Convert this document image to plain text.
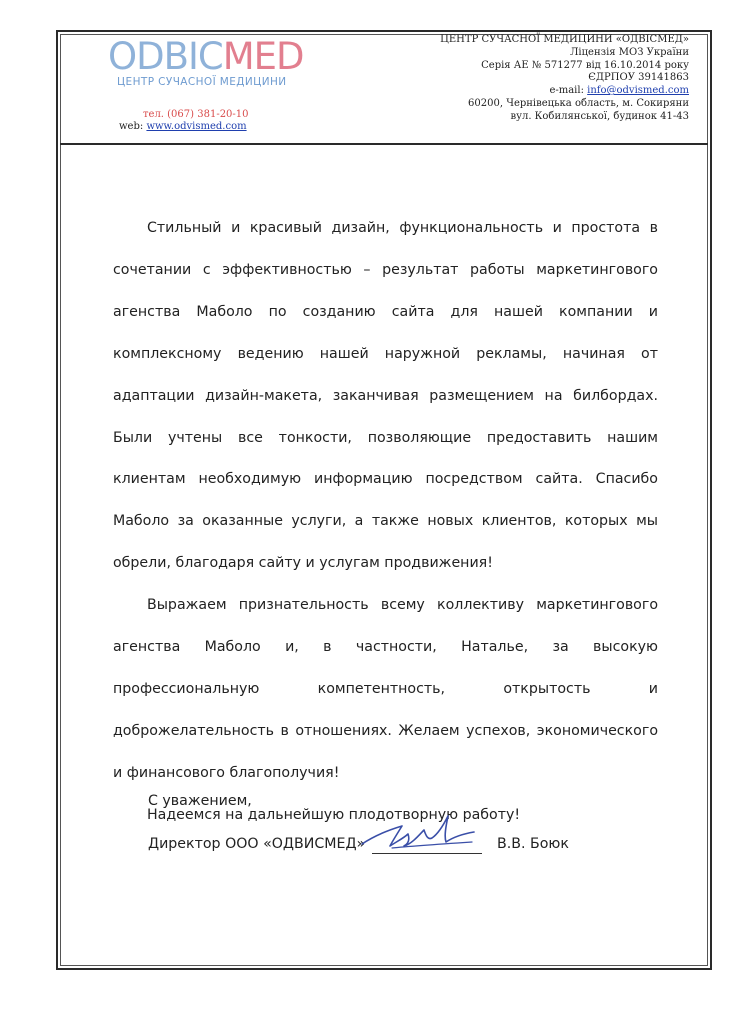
ODBICMED
ЦЕНТР СУЧАСНОЇ МЕДИЦИНИ
тел. (067) 381-20-10
web: www.odvismed.com
ЦЕНТР СУЧАСНОЇ МЕДИЦИНИ «ОДВІСМЕД»
Ліцензія МОЗ України
Серія АЕ № 571277 від 16.10.2014 року
ЄДРПОУ 39141863
e-mail: info@odvismed.com
60200, Чернівецька область, м. Сокиряни
вул. Кобилянської, будинок 41-43

Стильный и красивый дизайн, функциональность и простота в сочетании с эффективностью – результат работы маркетингового агенства Маболо по созданию сайта для нашей компании и комплексному ведению нашей наружной рекламы, начиная от адаптации дизайн-макета, заканчивая размещением на билбордах. Были учтены все тонкости, позволяющие предоставить нашим клиентам необходимую информацию посредством сайта. Спасибо Маболо за оказанные услуги, а также новых клиентов, которых мы обрели, благодаря сайту и услугам продвижения!

Выражаем признательность всему коллективу маркетингового агенства Маболо и, в частности, Натальe, за высокую профессиональную компетентность, открытость и доброжелательность в отношениях. Желаем успехов, экономического и финансового благополучия!

Надеемся на дальнейшую плодотворную работу!

С уважением,
Директор ООО «ОДВИСМЕД»	В.В. Боюк
